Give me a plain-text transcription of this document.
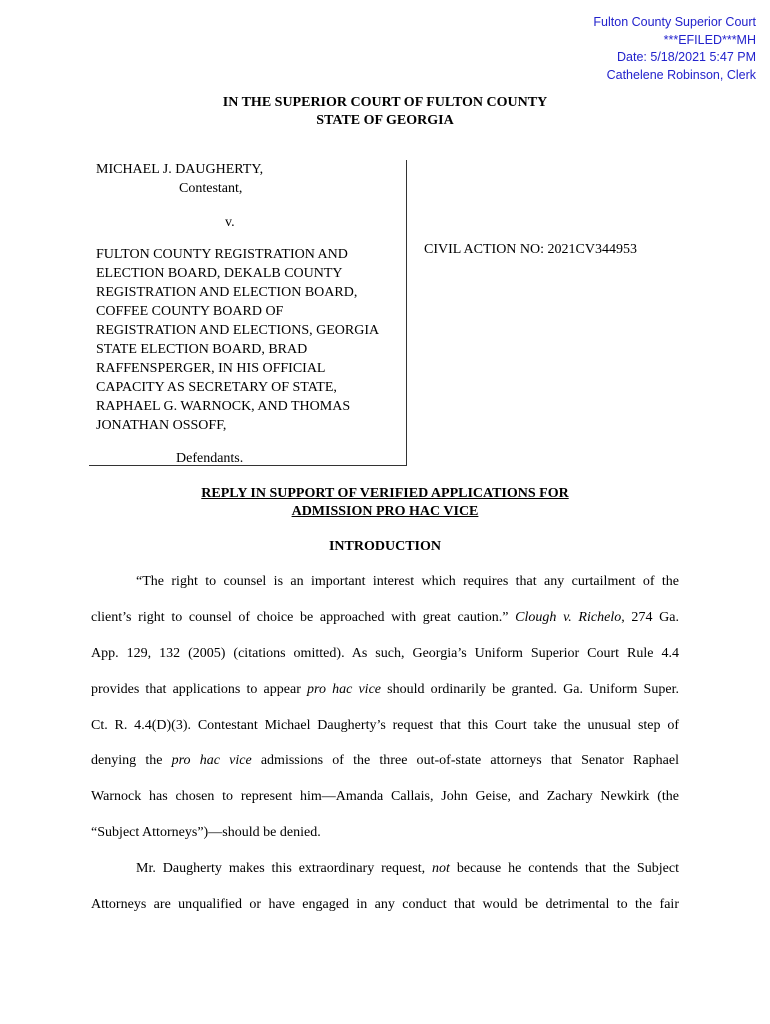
Fulton County Superior Court
***EFILED***MH
Date: 5/18/2021 5:47 PM
Cathelene Robinson, Clerk
IN THE SUPERIOR COURT OF FULTON COUNTY
STATE OF GEORGIA
MICHAEL J. DAUGHERTY,
Contestant,
v.
FULTON COUNTY REGISTRATION AND
ELECTION BOARD, DEKALB COUNTY
REGISTRATION AND ELECTION BOARD,
COFFEE COUNTY BOARD OF
REGISTRATION AND ELECTIONS, GEORGIA
STATE ELECTION BOARD, BRAD
RAFFENSPERGER, IN HIS OFFICIAL
CAPACITY AS SECRETARY OF STATE,
RAPHAEL G. WARNOCK, AND THOMAS
JONATHAN OSSOFF,
Defendants.
CIVIL ACTION NO: 2021CV344953
REPLY IN SUPPORT OF VERIFIED APPLICATIONS FOR
ADMISSION PRO HAC VICE
INTRODUCTION
“The right to counsel is an important interest which requires that any curtailment of the
client’s right to counsel of choice be approached with great caution.” Clough v. Richelo, 274 Ga.
App. 129, 132 (2005) (citations omitted). As such, Georgia’s Uniform Superior Court Rule 4.4
provides that applications to appear pro hac vice should ordinarily be granted. Ga. Uniform Super.
Ct. R. 4.4(D)(3). Contestant Michael Daugherty’s request that this Court take the unusual step of
denying the pro hac vice admissions of the three out-of-state attorneys that Senator Raphael
Warnock has chosen to represent him—Amanda Callais, John Geise, and Zachary Newkirk (the
“Subject Attorneys”)—should be denied.
Mr. Daugherty makes this extraordinary request, not because he contends that the Subject
Attorneys are unqualified or have engaged in any conduct that would be detrimental to the fair
